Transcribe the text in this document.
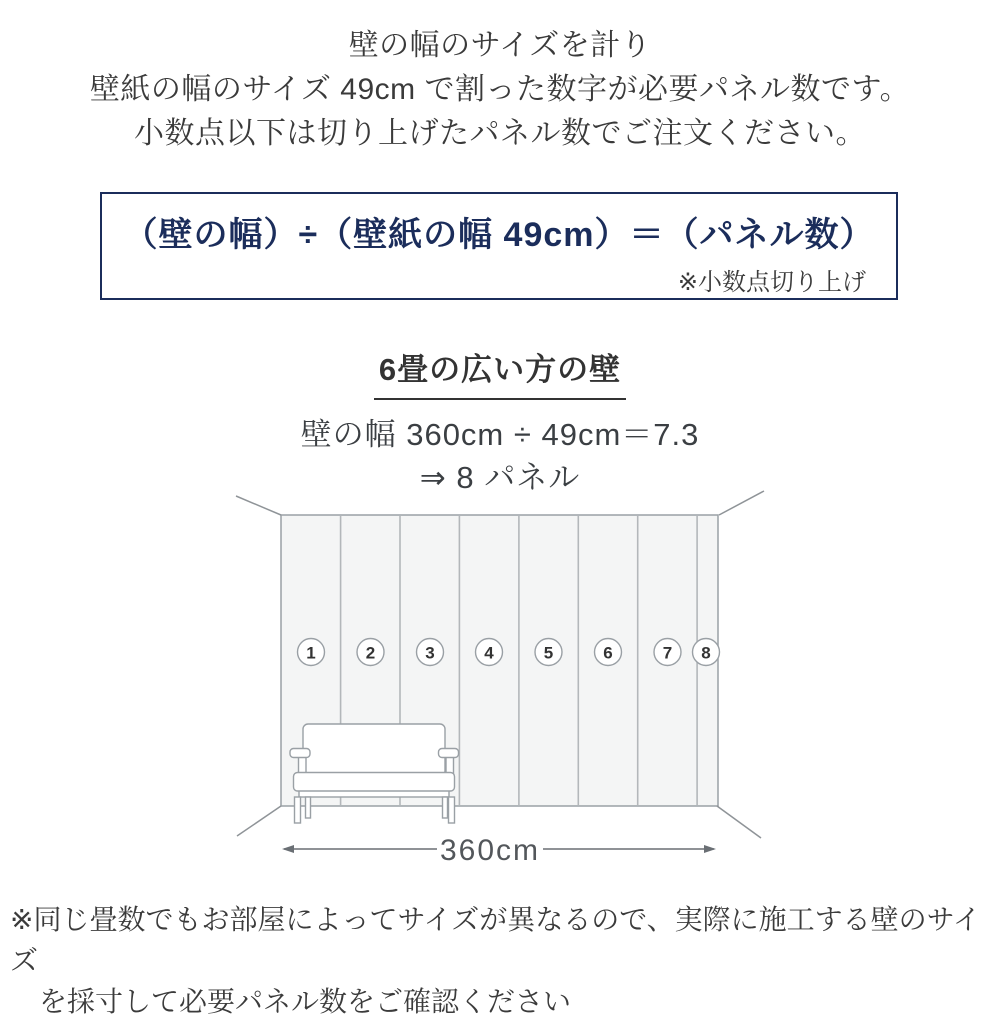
壁の幅のサイズを計り
壁紙の幅のサイズ 49cm で割った数字が必要パネル数です。
小数点以下は切り上げたパネル数でご注文ください。
（壁の幅）÷（壁紙の幅 49cm）＝（パネル数）
※小数点切り上げ
6畳の広い方の壁
壁の幅 360cm ÷ 49cm＝7.3
⇒ 8 パネル
1	2	3	4	5	6	7 8
360cm
※同じ畳数でもお部屋によってサイズが異なるので、実際に施工する壁のサイズ
を採寸して必要パネル数をご確認ください
